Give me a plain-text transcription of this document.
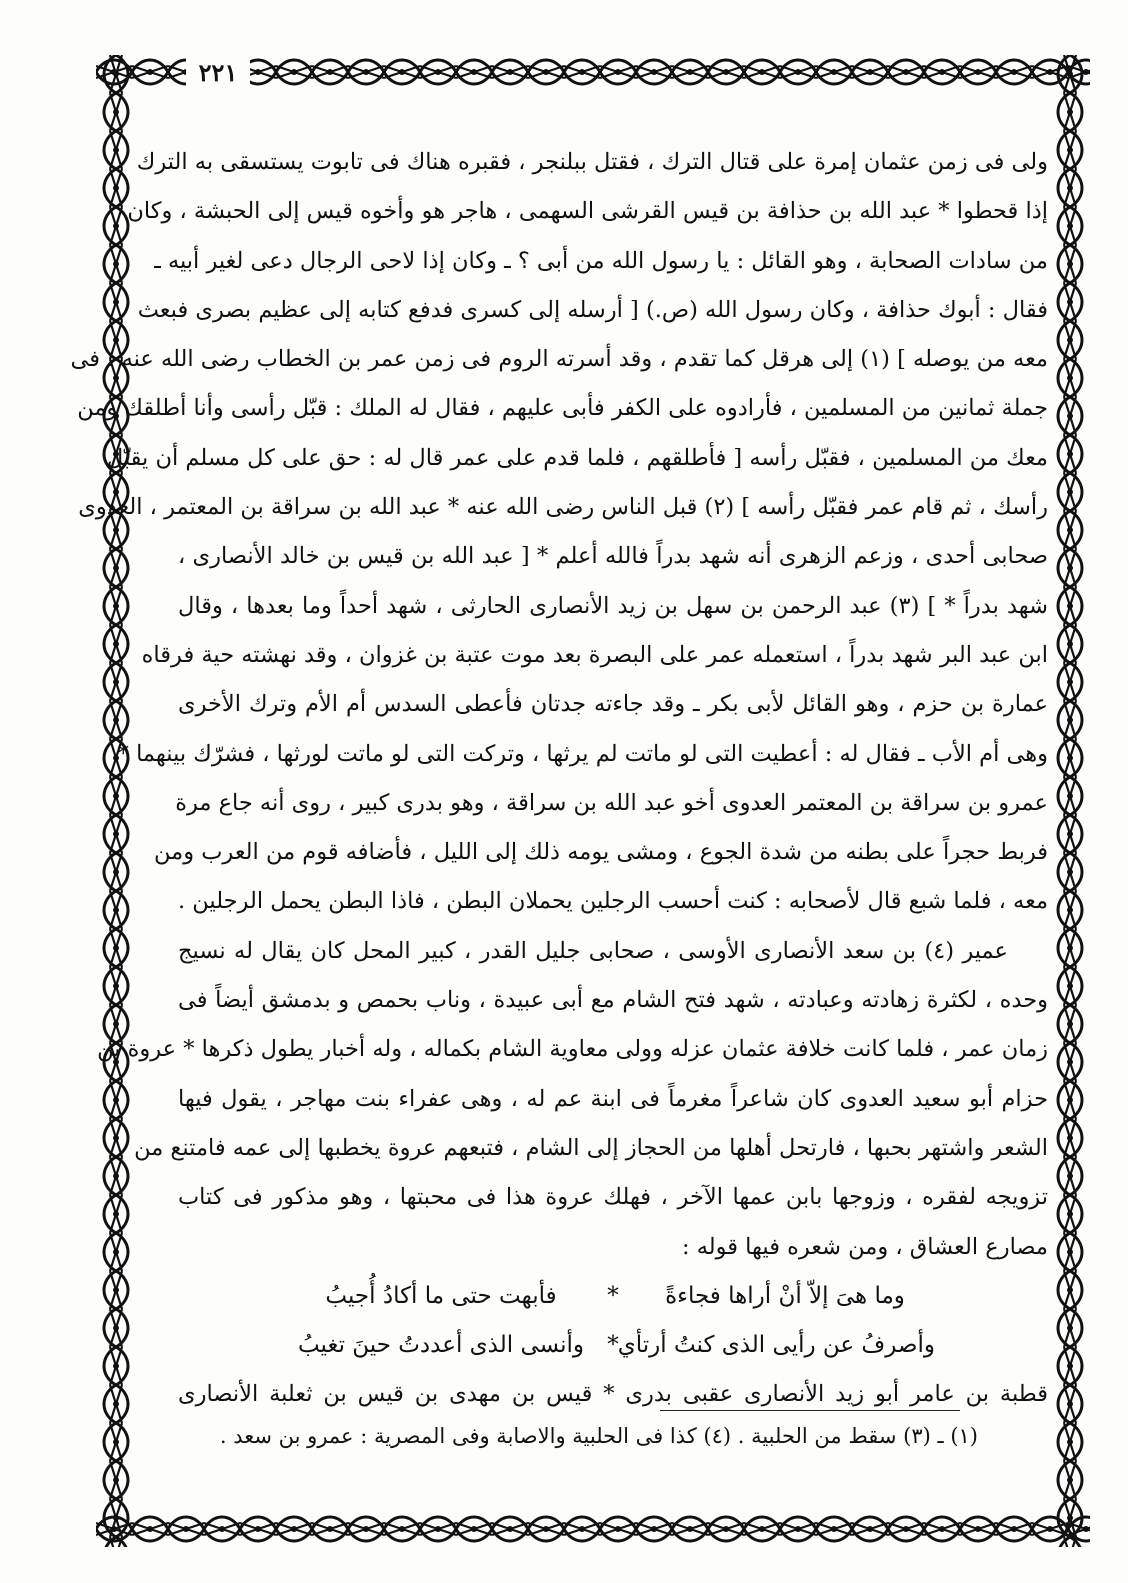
٢٢١
ولى فى زمن عثمان إمرة على قتال الترك ، فقتل ببلنجر ، فقبره هناك فى تابوت يستسقى به الترك
إذا قحطوا * عبد الله بن حذافة بن قيس القرشى السهمى ، هاجر هو وأخوه قيس إلى الحبشة ، وكان
من سادات الصحابة ، وهو القائل : يا رسول الله من أبى ؟ ـ وكان إذا لاحى الرجال دعى لغير أبيه ـ
فقال : أبوك حذافة ، وكان رسول الله (ص.) [ أرسله إلى كسرى فدفع كتابه إلى عظيم بصرى فبعث
معه من يوصله ] (١) إلى هرقل كما تقدم ، وقد أسرته الروم فى زمن عمر بن الخطاب رضى الله عنه ، فى
جملة ثمانين من المسلمين ، فأرادوه على الكفر فأبى عليهم ، فقال له الملك : قبّل رأسى وأنا أطلقك ومن
معك من المسلمين ، فقبّل رأسه [ فأطلقهم ، فلما قدم على عمر قال له : حق على كل مسلم أن يقبّل
رأسك ، ثم قام عمر فقبّل رأسه ] (٢) قبل الناس رضى الله عنه * عبد الله بن سراقة بن المعتمر ، العدوى
صحابى أحدى ، وزعم الزهرى أنه شهد بدراً فالله أعلم * [ عبد الله بن قيس بن خالد الأنصارى ،
شهد بدراً * ] (٣) عبد الرحمن بن سهل بن زيد الأنصارى الحارثى ، شهد أحداً وما بعدها ، وقال
ابن عبد البر شهد بدراً ، استعمله عمر على البصرة بعد موت عتبة بن غزوان ، وقد نهشته حية فرقاه
عمارة بن حزم ، وهو القائل لأبى بكر ـ وقد جاءته جدتان فأعطى السدس أم الأم وترك الأخرى
وهى أم الأب ـ فقال له : أعطيت التى لو ماتت لم يرثها ، وتركت التى لو ماتت لورثها ، فشرّك بينهما *
عمرو بن سراقة بن المعتمر العدوى أخو عبد الله بن سراقة ، وهو بدرى كبير ، روى أنه جاع مرة
فربط حجراً على بطنه من شدة الجوع ، ومشى يومه ذلك إلى الليل ، فأضافه قوم من العرب ومن
معه ، فلما شبع قال لأصحابه : كنت أحسب الرجلين يحملان البطن ، فاذا البطن يحمل الرجلين .
عمير (٤) بن سعد الأنصارى الأوسى ، صحابى جليل القدر ، كبير المحل كان يقال له نسيج
وحده ، لكثرة زهادته وعبادته ، شهد فتح الشام مع أبى عبيدة ، وناب بحمص و بدمشق أيضاً فى
زمان عمر ، فلما كانت خلافة عثمان عزله وولى معاوية الشام بكماله ، وله أخبار يطول ذكرها * عروة بن
حزام أبو سعيد العدوى كان شاعراً مغرماً فى ابنة عم له ، وهى عفراء بنت مهاجر ، يقول فيها
الشعر واشتهر بحبها ، فارتحل أهلها من الحجاز إلى الشام ، فتبعهم عروة يخطبها إلى عمه فامتنع من
تزويجه لفقره ، وزوجها بابن عمها الآخر ، فهلك عروة هذا فى محبتها ، وهو مذكور فى كتاب
مصارع العشاق ، ومن شعره فيها قوله :
وما هىَ إلاّ أنْ أراها فجاءةً
*
فأبهت حتى ما أكادُ أُجيبُ
وأصرفُ عن رأيى الذى كنتُ أرتأي
*
وأنسى الذى أعددتُ حينَ تغيبُ
قطبة بن عامر أبو زيد الأنصارى عقبى بدرى * قيس بن مهدى بن قيس بن ثعلبة الأنصارى
(١) ـ (٣) سقط من الحلبية . (٤) كذا فى الحلبية والاصابة وفى المصرية : عمرو بن سعد .
